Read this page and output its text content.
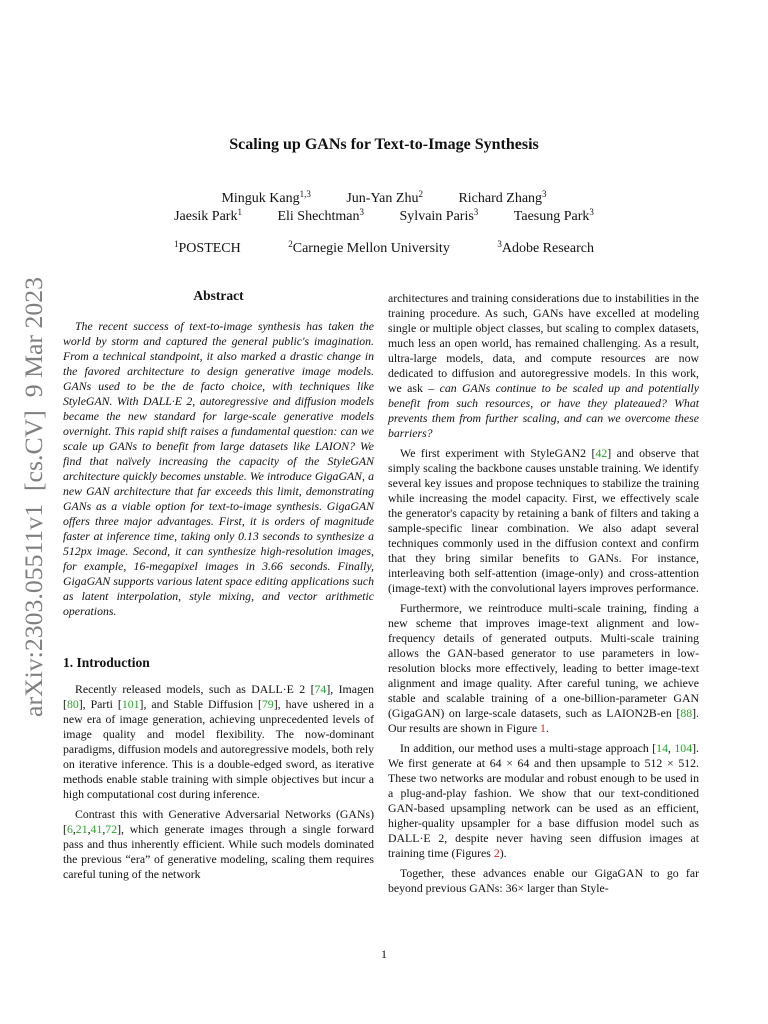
arXiv:2303.05511v1  [cs.CV]  9 Mar 2023
Scaling up GANs for Text-to-Image Synthesis
Minguk Kang$^{1,3}$	Jun-Yan Zhu$^2$	Richard Zhang$^3$
Jaesik Park$^1$	Eli Shechtman$^3$	Sylvain Paris$^3$	Taesung Park$^3$
$^1$POSTECH	$^2$Carnegie Mellon University	$^3$Adobe Research
Abstract

The recent success of text-to-image synthesis has taken the world by storm and captured the general public's imagination. From a technical standpoint, it also marked a drastic change in the favored architecture to design generative image models. GANs used to be the de facto choice, with techniques like StyleGAN. With DALL·E 2, autoregressive and diffusion models became the new standard for large-scale generative models overnight. This rapid shift raises a fundamental question: can we scale up GANs to benefit from large datasets like LAION? We find that naïvely increasing the capacity of the StyleGAN architecture quickly becomes unstable. We introduce GigaGAN, a new GAN architecture that far exceeds this limit, demonstrating GANs as a viable option for text-to-image synthesis. GigaGAN offers three major advantages. First, it is orders of magnitude faster at inference time, taking only 0.13 seconds to synthesize a 512px image. Second, it can synthesize high-resolution images, for example, 16-megapixel images in 3.66 seconds. Finally, GigaGAN supports various latent space editing applications such as latent interpolation, style mixing, and vector arithmetic operations.

1. Introduction

Recently released models, such as DALL·E 2 [74], Imagen [80], Parti [101], and Stable Diffusion [79], have ushered in a new era of image generation, achieving unprecedented levels of image quality and model flexibility. The now-dominant paradigms, diffusion models and autoregressive models, both rely on iterative inference. This is a double-edged sword, as iterative methods enable stable training with simple objectives but incur a high computational cost during inference.

Contrast this with Generative Adversarial Networks (GANs) [6,21,41,72], which generate images through a single forward pass and thus inherently efficient. While such models dominated the previous “era” of generative modeling, scaling them requires careful tuning of the network

architectures and training considerations due to instabilities in the training procedure. As such, GANs have excelled at modeling single or multiple object classes, but scaling to complex datasets, much less an open world, has remained challenging. As a result, ultra-large models, data, and compute resources are now dedicated to diffusion and autoregressive models. In this work, we ask – can GANs continue to be scaled up and potentially benefit from such resources, or have they plateaued? What prevents them from further scaling, and can we overcome these barriers?

We first experiment with StyleGAN2 [42] and observe that simply scaling the backbone causes unstable training. We identify several key issues and propose techniques to stabilize the training while increasing the model capacity. First, we effectively scale the generator's capacity by retaining a bank of filters and taking a sample-specific linear combination. We also adapt several techniques commonly used in the diffusion context and confirm that they bring similar benefits to GANs. For instance, interleaving both self-attention (image-only) and cross-attention (image-text) with the convolutional layers improves performance.

Furthermore, we reintroduce multi-scale training, finding a new scheme that improves image-text alignment and low-frequency details of generated outputs. Multi-scale training allows the GAN-based generator to use parameters in low-resolution blocks more effectively, leading to better image-text alignment and image quality. After careful tuning, we achieve stable and scalable training of a one-billion-parameter GAN (GigaGAN) on large-scale datasets, such as LAION2B-en [88]. Our results are shown in Figure 1.

In addition, our method uses a multi-stage approach [14, 104]. We first generate at 64 × 64 and then upsample to 512 × 512. These two networks are modular and robust enough to be used in a plug-and-play fashion. We show that our text-conditioned GAN-based upsampling network can be used as an efficient, higher-quality upsampler for a base diffusion model such as DALL·E 2, despite never having seen diffusion images at training time (Figures 2).

Together, these advances enable our GigaGAN to go far beyond previous GANs: 36× larger than Style-

1
